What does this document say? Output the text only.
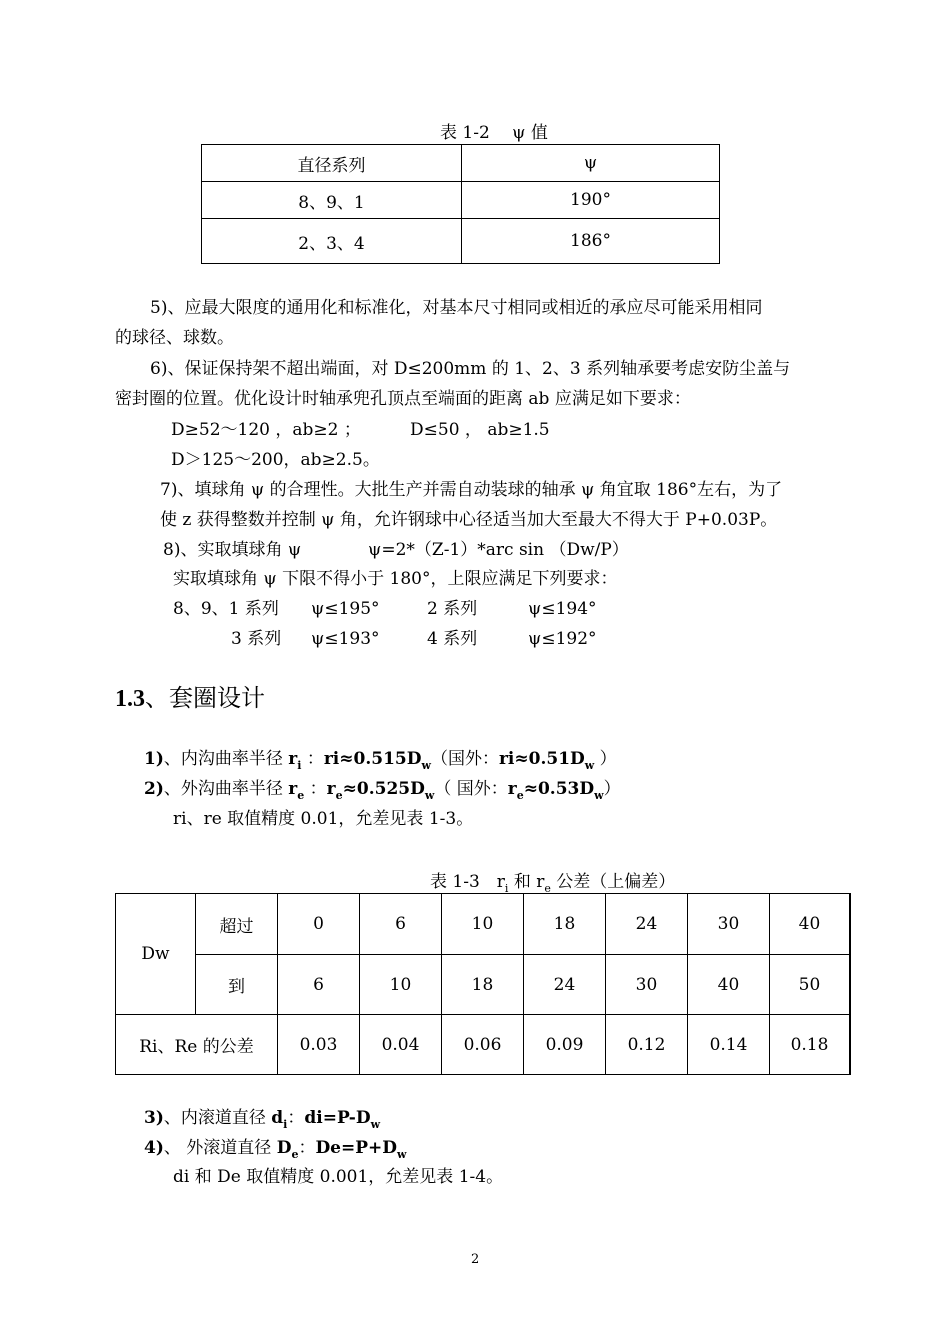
表 1-2　 ψ 值
直径系列	ψ
8、9、1	190°
2、3、4	186°
5)、应最大限度的通用化和标准化，对基本尺寸相同或相近的承应尽可能采用相同
的球径、球数。
6)、保证保持架不超出端面，对 D≤200mm 的 1、2、3 系列轴承要考虑安防尘盖与
密封圈的位置。优化设计时轴承兜孔顶点至端面的距离 ab 应满足如下要求：
D≥52～120 ，ab≥2 ；	D≤50 ， ab≥1.5
D＞125～200，ab≥2.5。
7)、填球角 ψ 的合理性。大批生产并需自动装球的轴承 ψ 角宜取 186°左右，为了
使 z 获得整数并控制 ψ 角，允许钢球中心径适当加大至最大不得大于 P+0.03P。
8)、实取填球角 ψ	ψ=2*（Z-1）*arc sin （Dw/P）
实取填球角 ψ 下限不得小于 180°，上限应满足下列要求：
8、9、1 系列 ψ≤195°	2 系列	ψ≤194°
3 系列 ψ≤193°	4 系列	ψ≤192°
1.3、套圈设计
1)、内沟曲率半径 $r_i$ ：$ri\approx 0.515D_w$（国外：$ri\approx 0.51D_w$ ）
2)、外沟曲率半径 $r_e$ ：$r_e\approx 0.525D_w$（ 国外：$r_e\approx 0.53D_w$）
ri、re 取值精度 0.01，允差见表 1-3。
表 1-3　$r_i$ 和 $r_e$ 公差（上偏差）
Dw	超过	0	6	10	18	24	30	40
	到	6	10	18	24	30	40	50
Ri、Re 的公差		0.03	0.04	0.06	0.09	0.12	0.14	0.18
3)、内滚道直径 $d_i$：$di=P-D_w$
4)、 外滚道直径 $D_e$：$De=P+D_w$
di 和 De 取值精度 0.001，允差见表 1-4。
2
